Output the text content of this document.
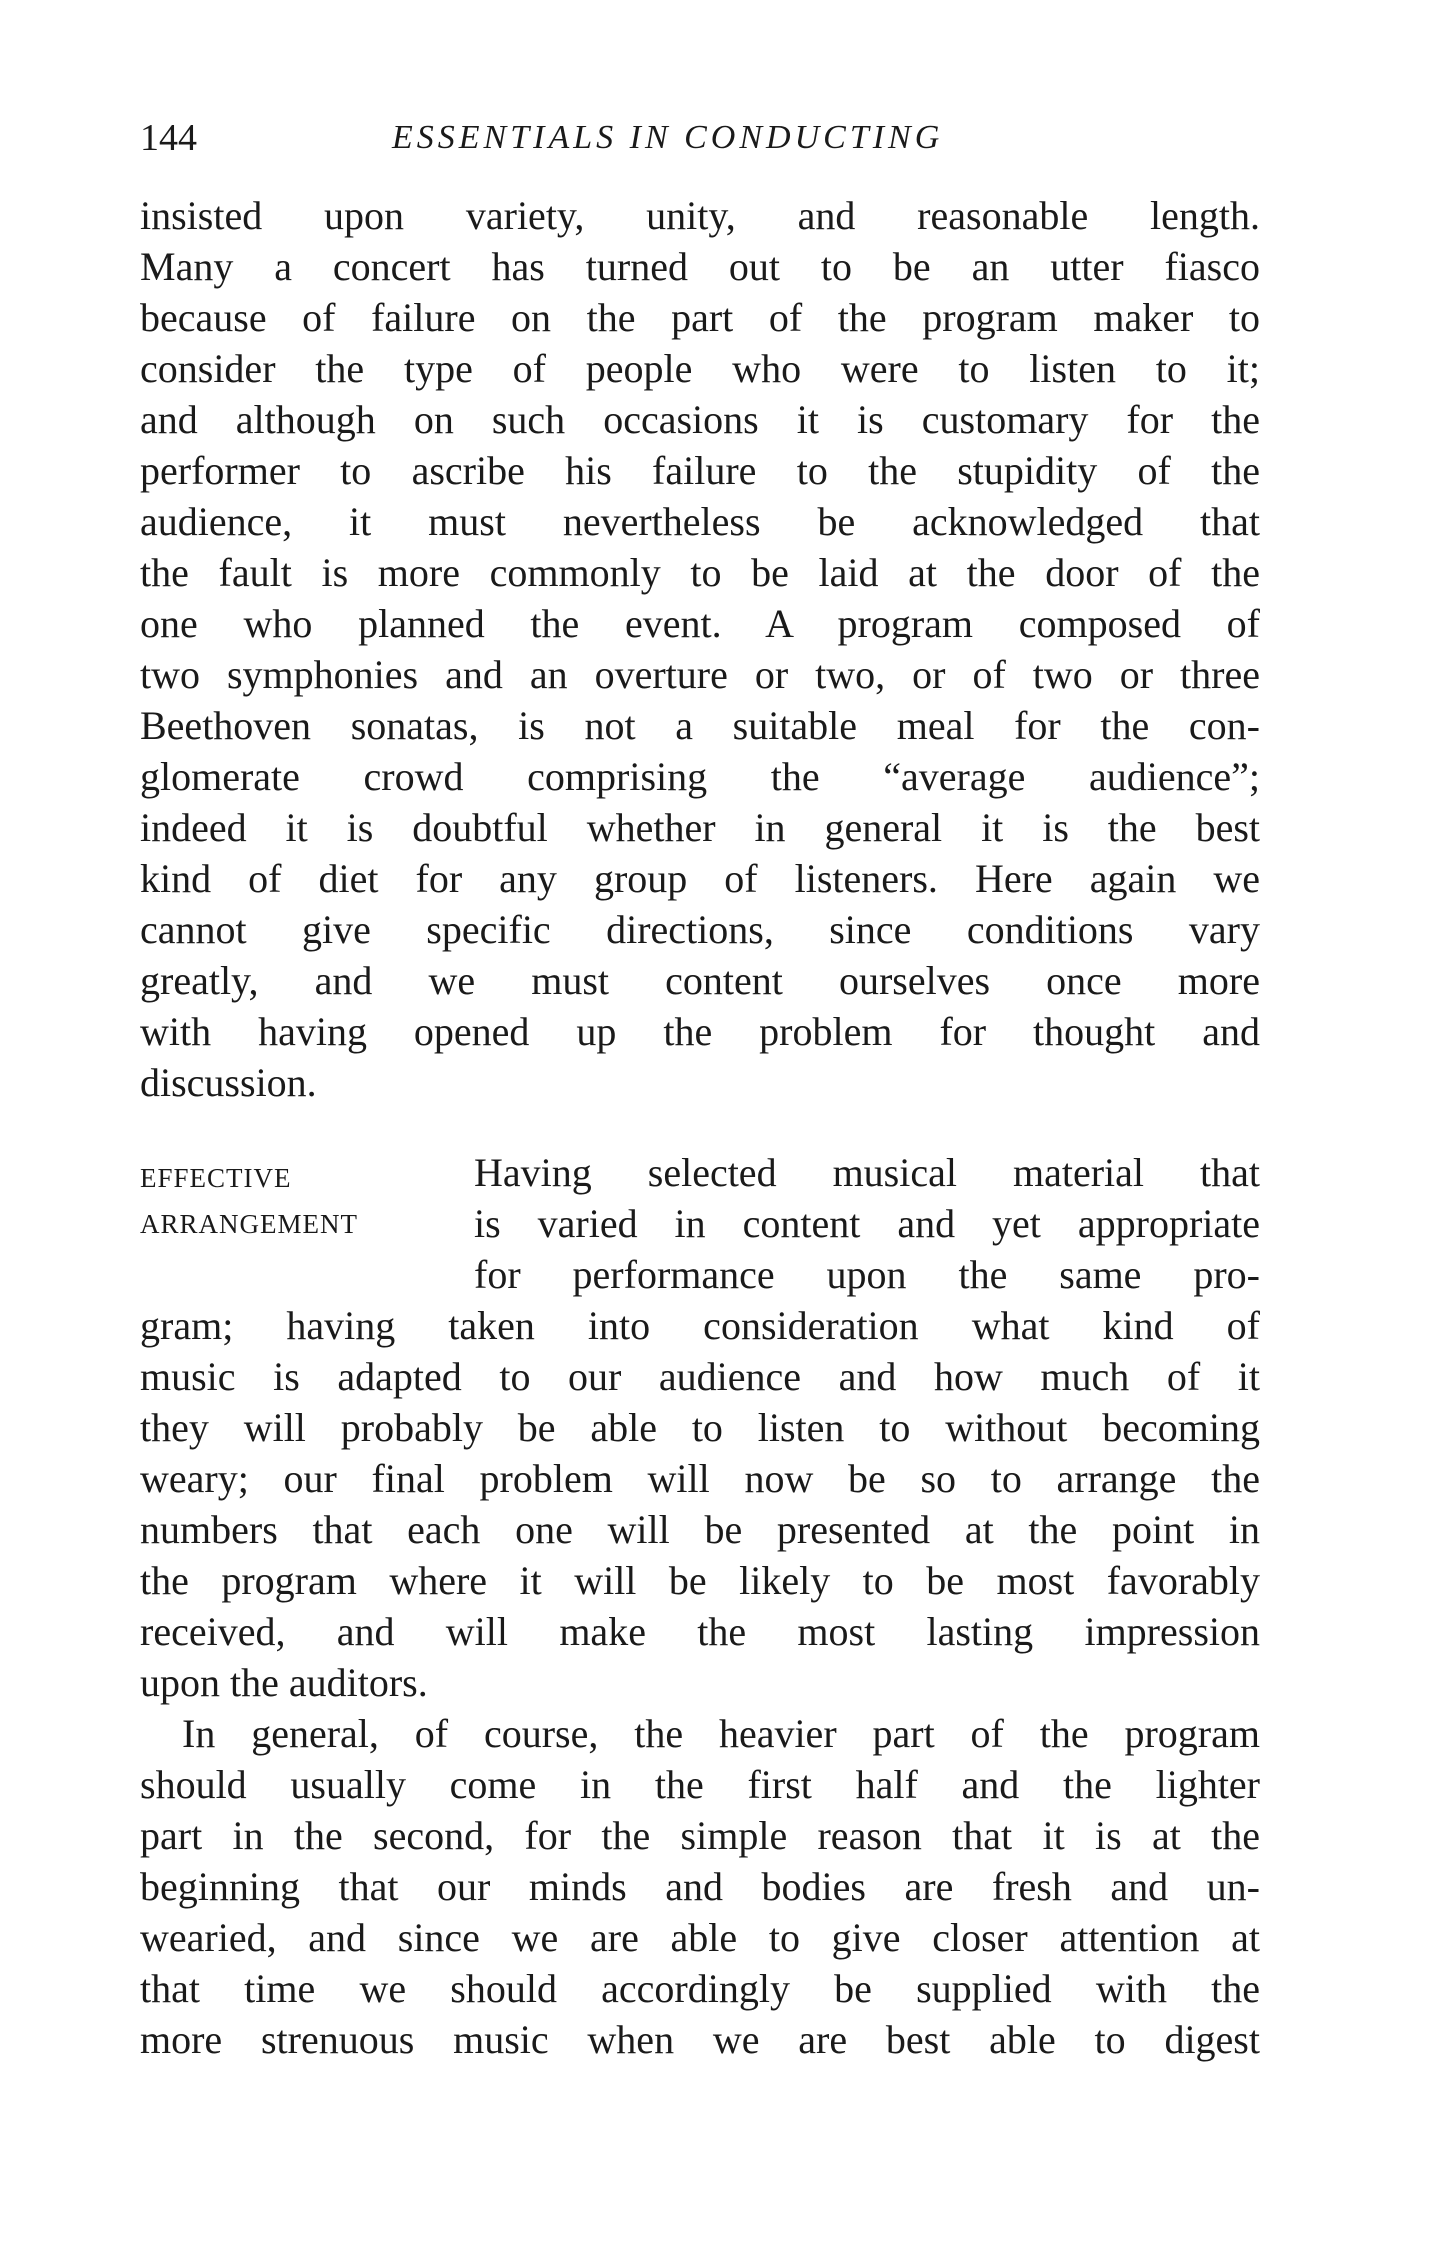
144	ESSENTIALS IN CONDUCTING
insisted upon variety, unity, and reasonable length.
Many a concert has turned out to be an utter fiasco
because of failure on the part of the program maker to
consider the type of people who were to listen to it;
and although on such occasions it is customary for the
performer to ascribe his failure to the stupidity of the
audience, it must nevertheless be acknowledged that
the fault is more commonly to be laid at the door of the
one who planned the event. A program composed of
two symphonies and an overture or two, or of two or three
Beethoven sonatas, is not a suitable meal for the con-
glomerate crowd comprising the “average audience”;
indeed it is doubtful whether in general it is the best
kind of diet for any group of listeners. Here again we
cannot give specific directions, since conditions vary
greatly, and we must content ourselves once more
with having opened up the problem for thought and
discussion.
EFFECTIVE
ARRANGEMENT
Having selected musical material that
is varied in content and yet appropriate
for performance upon the same pro-
gram; having taken into consideration what kind of
music is adapted to our audience and how much of it
they will probably be able to listen to without becoming
weary; our final problem will now be so to arrange the
numbers that each one will be presented at the point in
the program where it will be likely to be most favorably
received, and will make the most lasting impression
upon the auditors.
In general, of course, the heavier part of the program
should usually come in the first half and the lighter
part in the second, for the simple reason that it is at the
beginning that our minds and bodies are fresh and un-
wearied, and since we are able to give closer attention at
that time we should accordingly be supplied with the
more strenuous music when we are best able to digest
